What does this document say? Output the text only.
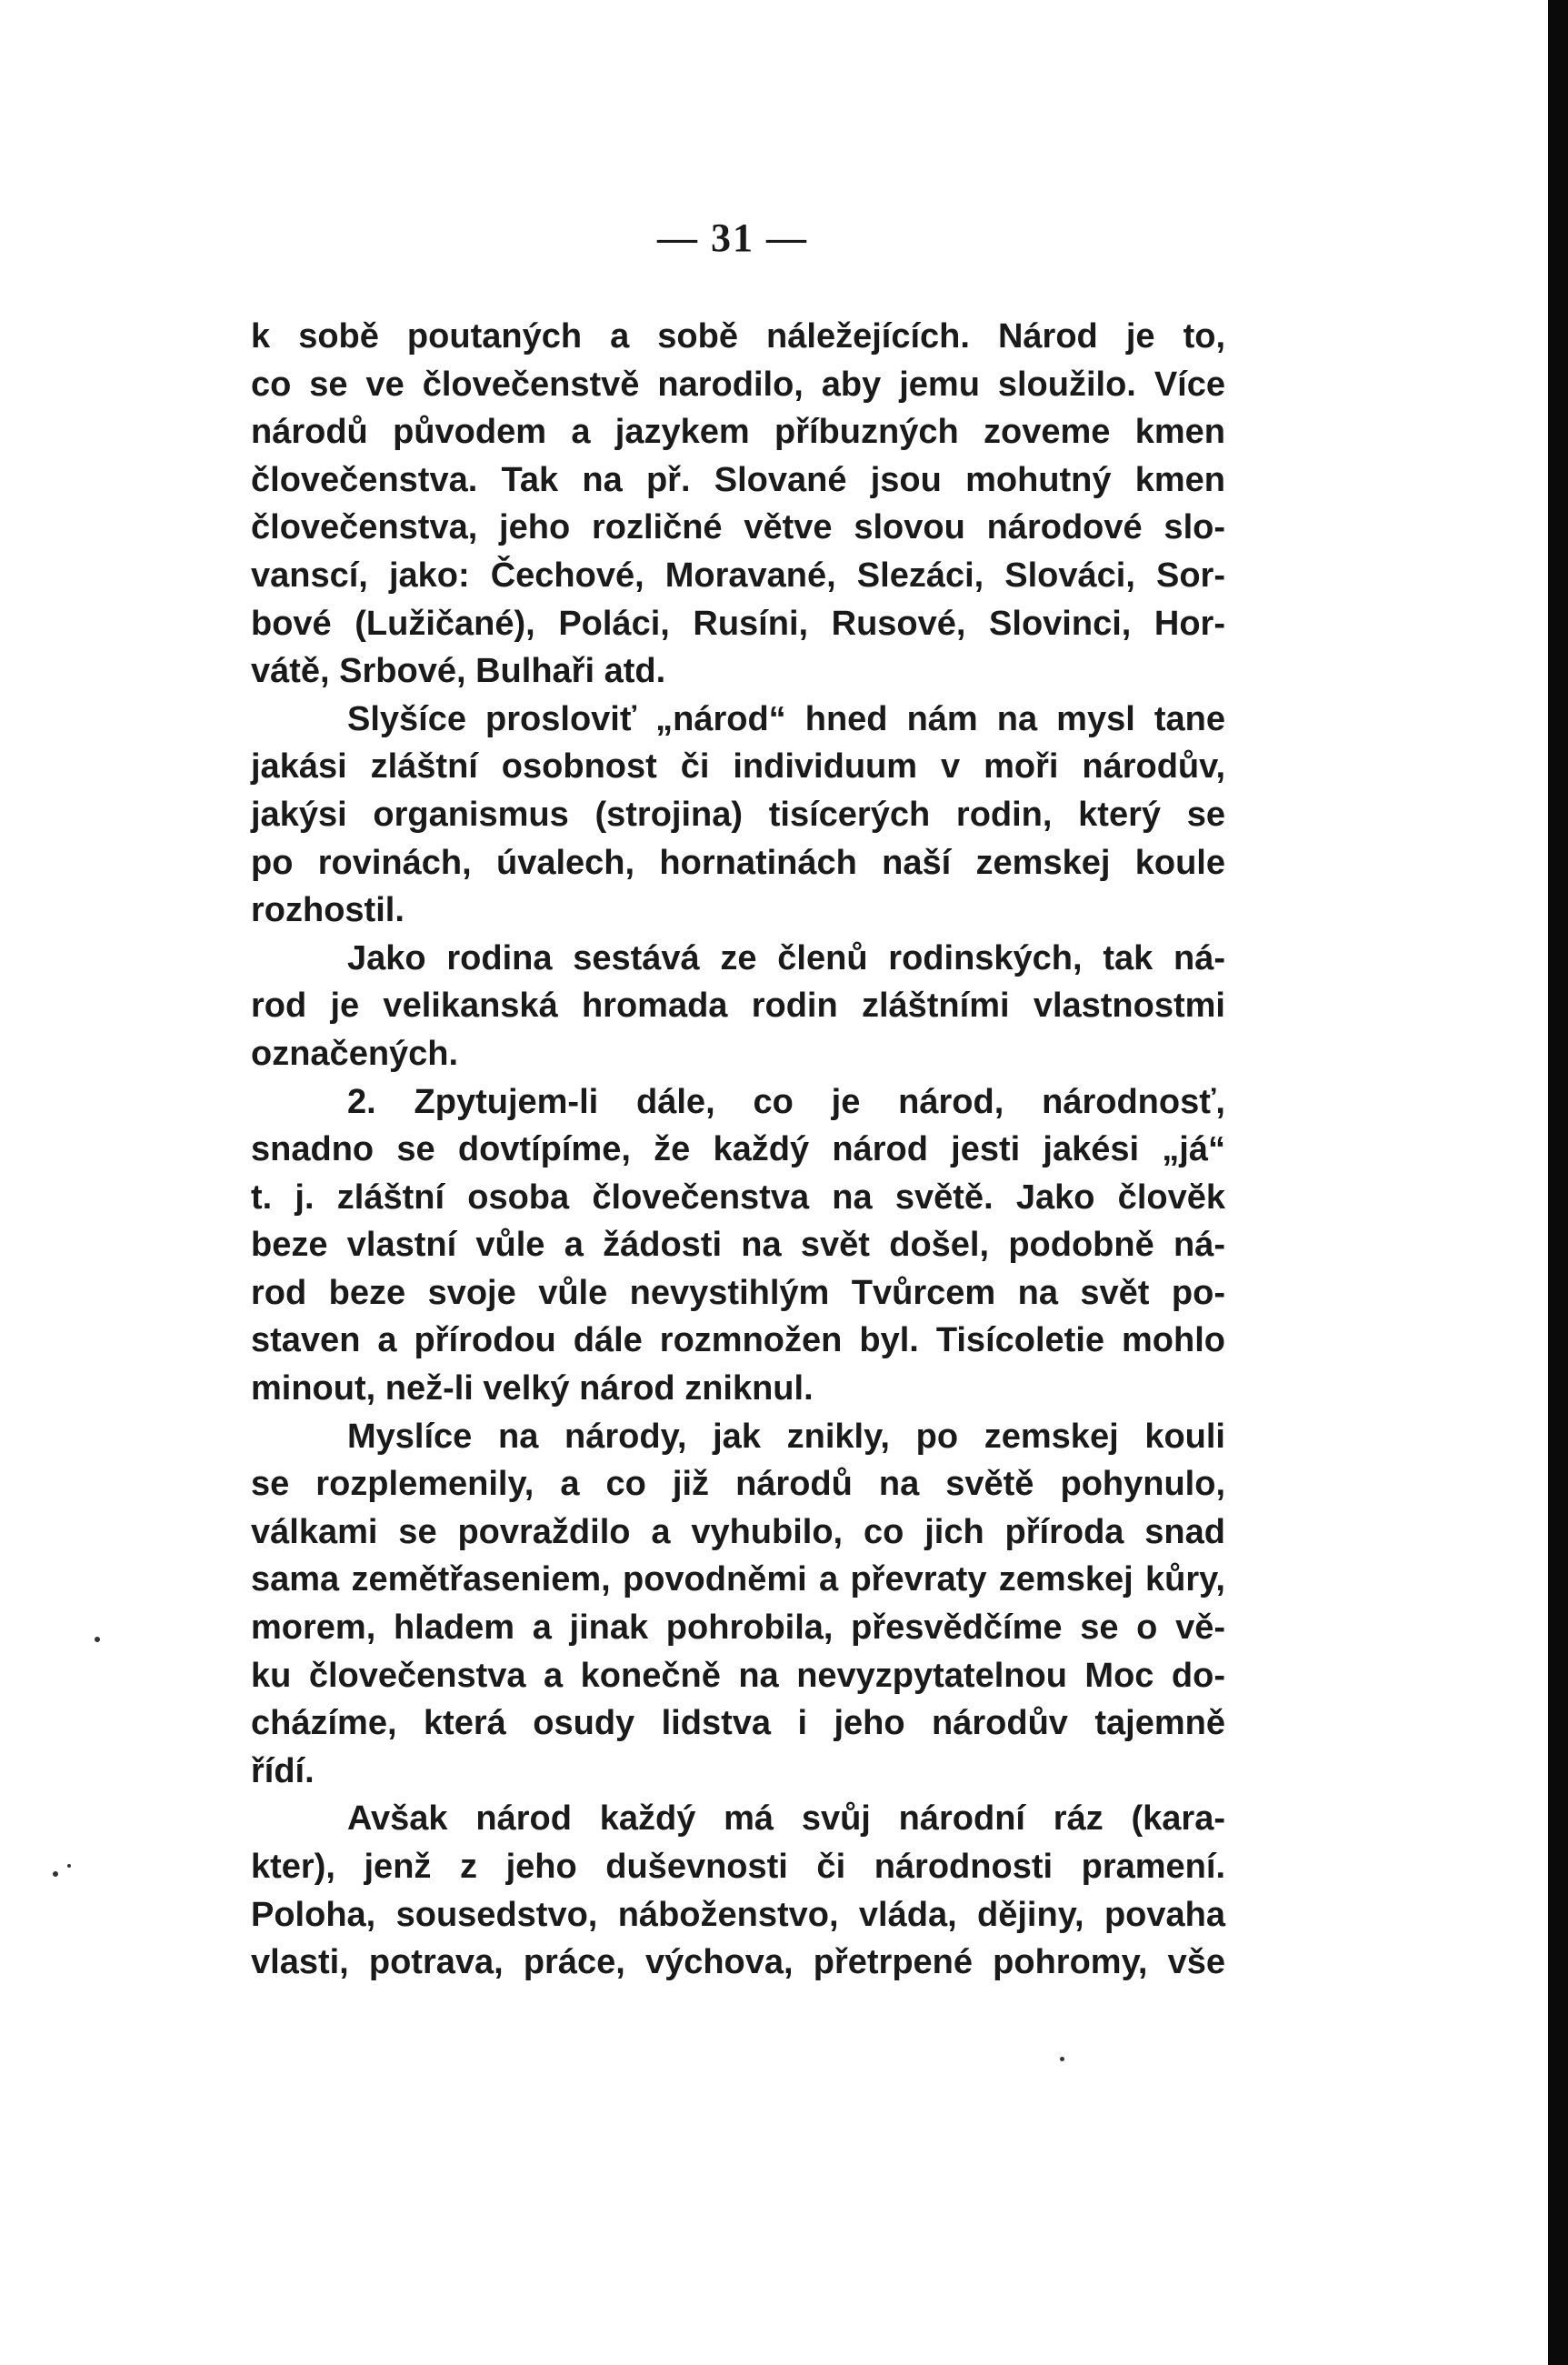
— 31 —
k sobě poutaných a sobě náležejících. Národ je to,
co se ve človečenstvě narodilo, aby jemu sloužilo. Více
národů původem a jazykem příbuzných zoveme kmen
človečenstva. Tak na př. Slované jsou mohutný kmen
človečenstva, jeho rozličné větve slovou národové slo-
vanscí, jako: Čechové, Moravané, Slezáci, Slováci, Sor-
bové (Lužičané), Poláci, Rusíni, Rusové, Slovinci, Hor-
vátě, Srbové, Bulhaři atd.
Slyšíce prosloviť „národ“ hned nám na mysl tane
jakási zláštní osobnost či individuum v moři národův,
jakýsi organismus (strojina) tisícerých rodin, který se
po rovinách, úvalech, hornatinách naší zemskej koule
rozhostil.
Jako rodina sestává ze členů rodinských, tak ná-
rod je velikanská hromada rodin zláštními vlastnostmi
označených.
2. Zpytujem-li dále, co je národ, národnosť,
snadno se dovtípíme, že každý národ jesti jakési „já“
t. j. zláštní osoba človečenstva na světě. Jako človĕk
beze vlastní vůle a žádosti na svět došel, podobně ná-
rod beze svoje vůle nevystihlým Tvůrcem na svět po-
staven a přírodou dále rozmnožen byl. Tisícoletie mohlo
minout, než-li velký národ zniknul.
Myslíce na národy, jak znikly, po zemskej kouli
se rozplemenily, a co již národů na světě pohynulo,
válkami se povraždilo a vyhubilo, co jich příroda snad
sama zemětřaseniem, povodněmi a převraty zemskej kůry,
morem, hladem a jinak pohrobila, přesvědčíme se o vě-
ku človečenstva a konečně na nevyzpytatelnou Moc do-
cházíme, která osudy lidstva i jeho národův tajemně
řídí.
Avšak národ každý má svůj národní ráz (kara-
kter), jenž z jeho duševnosti či národnosti pramení.
Poloha, sousedstvo, náboženstvo, vláda, dějiny, povaha
vlasti, potrava, práce, výchova, přetrpené pohromy, vše
